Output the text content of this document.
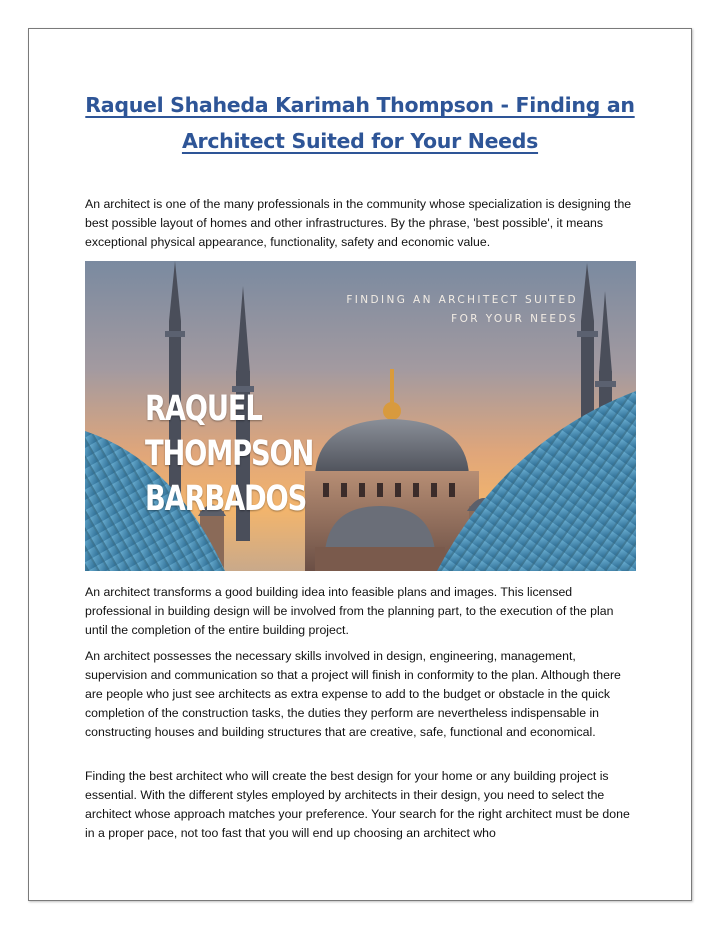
Raquel Shaheda Karimah Thompson - Finding an
Architect Suited for Your Needs

An architect is one of the many professionals in the community whose specialization is designing the best possible layout of homes and other infrastructures. By the phrase, 'best possible', it means exceptional physical appearance, functionality, safety and economic value.

FINDING AN ARCHITECT SUITED
FOR YOUR NEEDS
RAQUEL
THOMPSON
BARBADOS

An architect transforms a good building idea into feasible plans and images. This licensed professional in building design will be involved from the planning part, to the execution of the plan until the completion of the entire building project.

An architect possesses the necessary skills involved in design, engineering, management, supervision and communication so that a project will finish in conformity to the plan. Although there are people who just see architects as extra expense to add to the budget or obstacle in the quick completion of the construction tasks, the duties they perform are nevertheless indispensable in constructing houses and building structures that are creative, safe, functional and economical.

Finding the best architect who will create the best design for your home or any building project is essential. With the different styles employed by architects in their design, you need to select the architect whose approach matches your preference. Your search for the right architect must be done in a proper pace, not too fast that you will end up choosing an architect who
